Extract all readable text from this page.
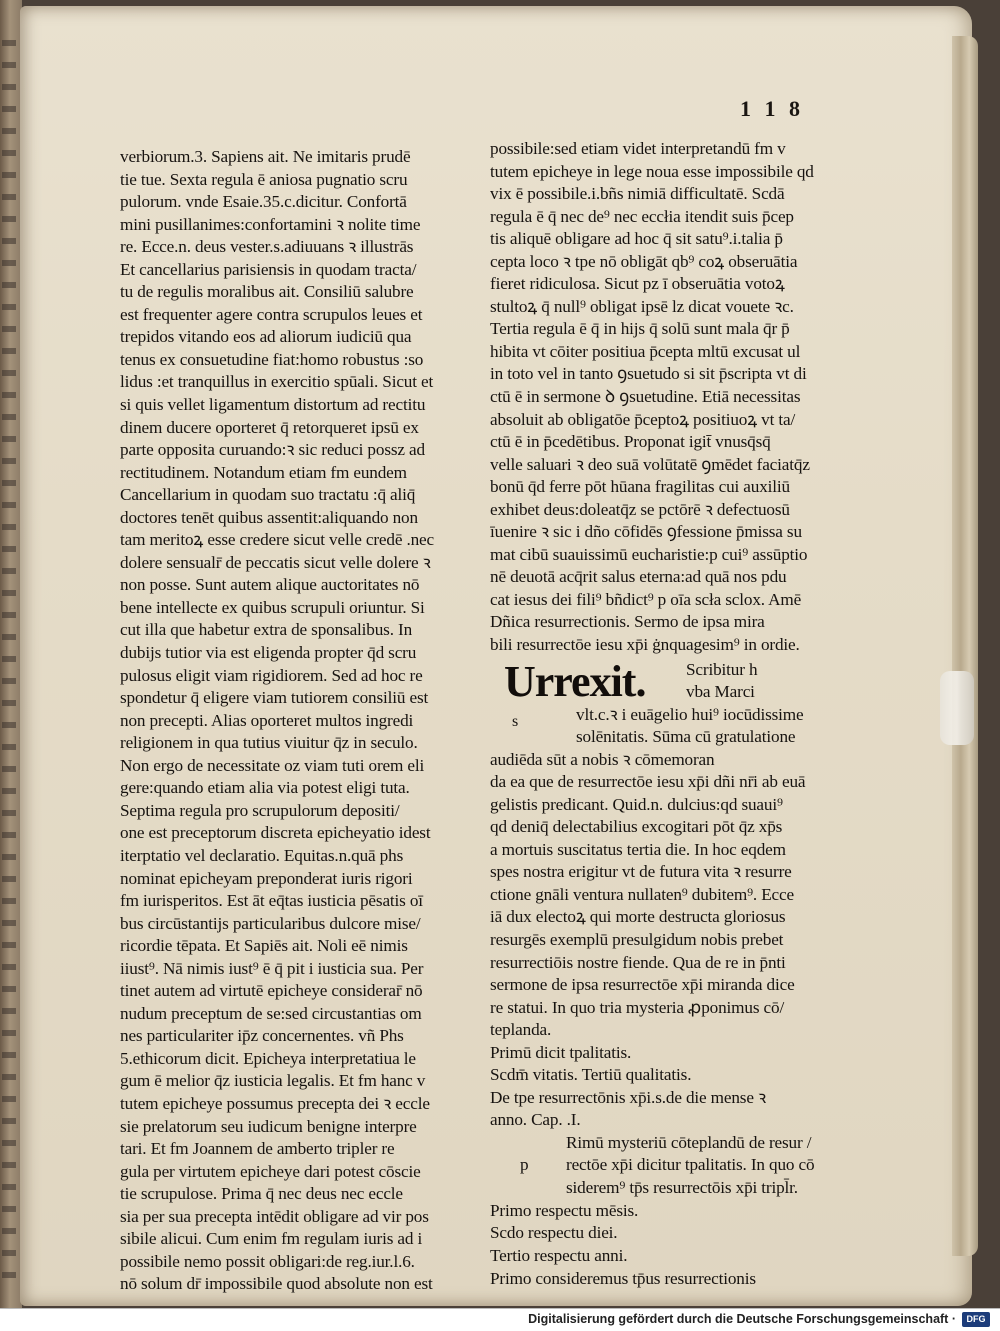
1 1 8
verbiorum.3. Sapiens ait. Ne imitaris prudē
tie tue. Sexta regula ē aniosa pugnatio scru
pulorum. vnde Esaie.35.c.dicitur. Confortā
mini pusillanimes:confortamini ꝛ nolite time
re. Ecce.n. deus vester.s.adiuuans ꝛ illustrās
Et cancellarius parisiensis in quodam tracta/
tu de regulis moralibus ait. Consiliū salubre
est frequenter agere contra scrupulos leues et
trepidos vitando eos ad aliorum iudiciū qua
tenus ex consuetudine fiat:homo robustus :so
lidus :et tranquillus in exercitio spūali. Sicut et
si quis vellet ligamentum distortum ad rectitu
dinem ducere oporteret q̄ retorqueret ipsū ex
parte opposita curuando:ꝛ sic reduci possz ad
rectitudinem. Notandum etiam fm eundem
Cancellarium in quodam suo tractatu :q̄ aliq̄
doctores tenēt quibus assentit:aliquando non
tam meritoꝝ esse credere sicut velle credē .nec
dolere sensualr̄ de peccatis sicut velle dolere ꝛ
non posse. Sunt autem alique auctoritates nō
bene intellecte ex quibus scrupuli oriuntur. Si
cut illa que habetur extra de sponsalibus. In
dubijs tutior via est eligenda propter q̄d scru
pulosus eligit viam rigidiorem. Sed ad hoc re
spondetur q̄ eligere viam tutiorem consiliū est
non precepti. Alias oporteret multos ingredi
religionem in qua tutius viuitur q̄z in seculo.
Non ergo de necessitate oz viam tuti orem eli
gere:quando etiam alia via potest eligi tuta.
Septima regula pro scrupulorum depositi/
one est preceptorum discreta epicheyatio idest
iterptatio vel declaratio. Equitas.n.quā phs
nominat epicheyam preponderat iuris rigori
fm iurisperitos. Est āt eq̄tas iusticia pēsatis oī
bus circūstantijs particularibus dulcore mise/
ricordie tēpata. Et Sapiēs ait. Noli eē nimis
iiust⁹. Nā nimis iust⁹ ē q̄ pit i iusticia sua. Per
tinet autem ad virtutē epicheye considerar̄ nō
nudum preceptum de se:sed circustantias om
nes particulariter ip̄z concernentes. vñ Phs
5.ethicorum dicit. Epicheya interpretatiua le
gum ē melior q̄z iusticia legalis. Et fm hanc v
tutem epicheye possumus precepta dei ꝛ eccle
sie prelatorum seu iudicum benigne interpre
tari. Et fm Joannem de amberto tripler re
gula per virtutem epicheye dari potest cōscie
tie scrupulose. Prima q̄ nec deus nec eccle
sia per sua precepta intēdit obligare ad vir pos
sibile alicui. Cum enim fm regulam iuris ad i
possibile nemo possit obligari:de reg.iur.l.6.
nō solum dr̄ impossibile quod absolute non est
possibile:sed etiam videt interpretandū fm v
tutem epicheye in lege noua esse impossibile qd
vix ē possibile.i.bñs nimiā difficultatē. Scdā
regula ē q̄ nec de⁹ nec eccłia itendit suis p̄cep
tis aliquē obligare ad hoc q̄ sit satu⁹.i.talia p̄
cepta loco ꝛ tpe nō obligāt qb⁹ coꝝ obseruātia
fieret ridiculosa. Sicut pz ī obseruātia votoꝝ
stultoꝝ q̄ null⁹ obligat ipsē lz dicat vouete ꝛc.
Tertia regula ē q̄ in hijs q̄ solū sunt mala q̄r p̄
hibita vt cōiter positiua p̄cepta mltū excusat ul
in toto vel in tanto ꝯsuetudo si sit p̄scripta vt di
ctū ē in sermone ꝺ ꝯsuetudine. Etiā necessitas
absoluit ab obligatōe p̄ceptoꝝ positiuoꝝ vt ta/
ctū ē in p̄cedētibus. Proponat igit̄ vnusq̄sq̄
velle saluari ꝛ deo suā volūtatē ꝯmēdet faciatq̄z
bonū q̄d ferre pōt hūana fragilitas cui auxiliū
exhibet deus:doleatq̄z se pctōrē ꝛ defectuosū
īuenire ꝛ sic i dño cōfidēs ꝯfessione p̄missa su
mat cibū suauissimū eucharistie:p cui⁹ assūptio
nē deuotā acq̄rit salus eterna:ad quā nos pdu
cat iesus dei fili⁹ bñdict⁹ p oīa scła sclox. Amē
Dñica resurrectionis. Sermo de ipsa mira
bili resurrectōe iesu xp̄i ġnquagesim⁹ in ordie.
Urrexit.
s
Scribitur h
vba Marci
vlt.c.ꝛ i euāgelio hui⁹ iocūdissime
solēnitatis. Sūma cū gratulatione
audiēda sūt a nobis ꝛ cōmemoran
da ea que de resurrectōe iesu xp̄i dñi nr̄i ab euā
gelistis predicant. Quid.n. dulcius:qd suaui⁹
qd deniq̄ delectabilius excogitari pōt q̄z xp̄s
a mortuis suscitatus tertia die. In hoc eqdem
spes nostra erigitur vt de futura vita ꝛ resurre
ctione gnāli ventura nullaten⁹ dubitem⁹. Ecce
iā dux electoꝝ qui morte destructa gloriosus
resurgēs exemplū presulgidum nobis prebet
resurrectiōis nostre fiende. Qua de re in p̄nti
sermone de ipsa resurrectōe xp̄i miranda dice
re statui. In quo tria mysteria ꝓponimus cō/
teplanda.
Primū dicit tpalitatis.
Scdm̄ vitatis. Tertiū qualitatis.
De tpe resurrectōnis xp̄i.s.de die mense ꝛ
anno. Cap. .I.
p
Rimū mysteriū cōteplandū de resur /
rectōe xp̄i dicitur tpalitatis. In quo cō
siderem⁹ tp̄s resurrectōis xp̄i tripl̄r.
Primo respectu mēsis.
Scdo respectu diei.
Tertio respectu anni.
Primo consideremus tp̄us resurrectionis
Digitalisierung gefördert durch die Deutsche Forschungsgemeinschaft ·	DFG
